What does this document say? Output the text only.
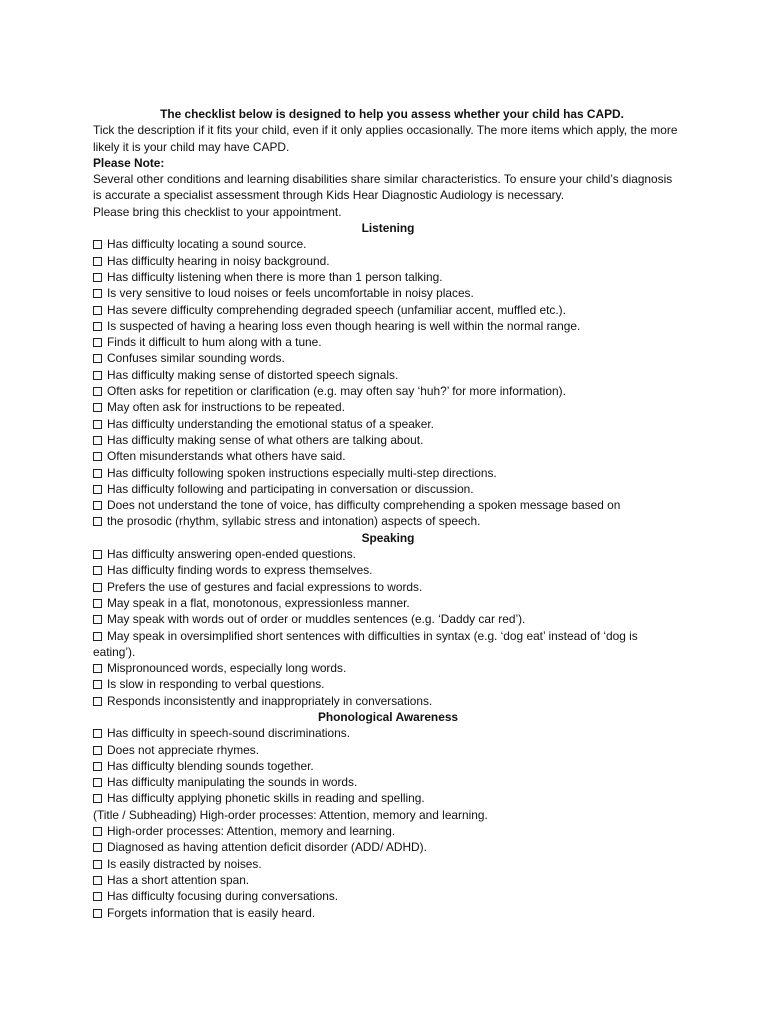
The checklist below is designed to help you assess whether your child has CAPD.

Tick the description if it fits your child, even if it only applies occasionally. The more items which apply, the more likely it is your child may have CAPD.

Please Note:

Several other conditions and learning disabilities share similar characteristics. To ensure your child’s diagnosis is accurate a specialist assessment through Kids Hear Diagnostic Audiology is necessary.

Please bring this checklist to your appointment.

Listening

Has difficulty locating a sound source.

Has difficulty hearing in noisy background.

Has difficulty listening when there is more than 1 person talking.

Is very sensitive to loud noises or feels uncomfortable in noisy places.

Has severe difficulty comprehending degraded speech (unfamiliar accent, muffled etc.).

Is suspected of having a hearing loss even though hearing is well within the normal range.

Finds it difficult to hum along with a tune.

Confuses similar sounding words.

Has difficulty making sense of distorted speech signals.

Often asks for repetition or clarification (e.g. may often say ‘huh?’ for more information).

May often ask for instructions to be repeated.

Has difficulty understanding the emotional status of a speaker.

Has difficulty making sense of what others are talking about.

Often misunderstands what others have said.

Has difficulty following spoken instructions especially multi-step directions.

Has difficulty following and participating in conversation or discussion.

Does not understand the tone of voice, has difficulty comprehending a spoken message based on

the prosodic (rhythm, syllabic stress and intonation) aspects of speech.

Speaking

Has difficulty answering open-ended questions.

Has difficulty finding words to express themselves.

Prefers the use of gestures and facial expressions to words.

May speak in a flat, monotonous, expressionless manner.

May speak with words out of order or muddles sentences (e.g. ‘Daddy car red’).

May speak in oversimplified short sentences with difficulties in syntax (e.g. ‘dog eat’ instead of ‘dog is eating’).

Mispronounced words, especially long words.

Is slow in responding to verbal questions.

Responds inconsistently and inappropriately in conversations.

Phonological Awareness

Has difficulty in speech-sound discriminations.

Does not appreciate rhymes.

Has difficulty blending sounds together.

Has difficulty manipulating the sounds in words.

Has difficulty applying phonetic skills in reading and spelling.

(Title / Subheading) High-order processes: Attention, memory and learning.

High-order processes: Attention, memory and learning.

Diagnosed as having attention deficit disorder (ADD/ ADHD).

Is easily distracted by noises.

Has a short attention span.

Has difficulty focusing during conversations.

Forgets information that is easily heard.
